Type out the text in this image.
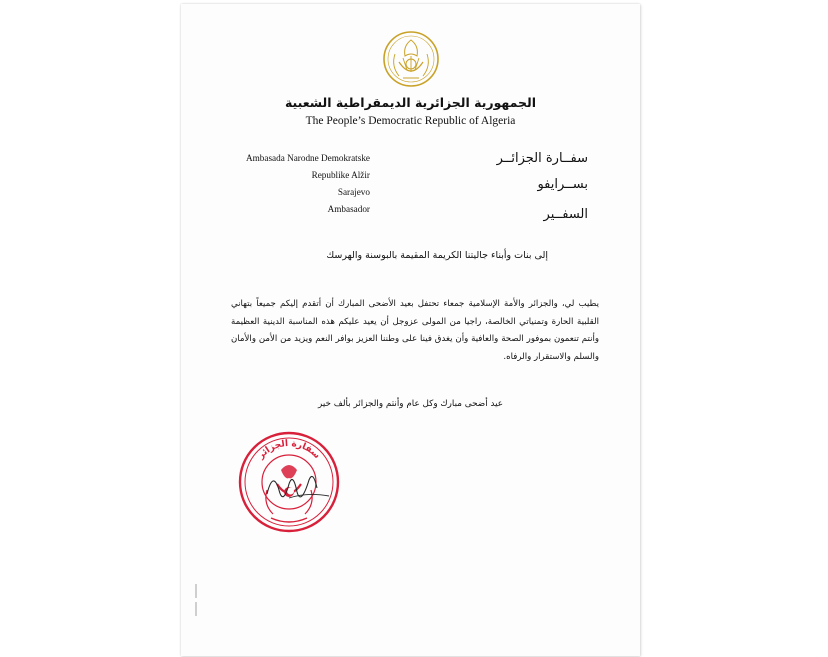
الجمهورية الجزائرية الديمقراطية الشعبية
The People’s Democratic Republic of Algeria
Ambasada Narodne Demokratske
Republike Alžir
Sarajevo
Ambasador
سفــارة الجزائــر
بســرايفو
السفــير
إلى بنات وأبناء جاليتنا الكريمة المقيمة بالبوسنة والهرسك
يطيب لي، والجزائر والأمة الإسلامية جمعاء تحتفل بعيد الأضحى المبارك أن أتقدم إليكم جميعاً بتهاني القلبية الحارة وتمنياتي الخالصة، راجيا من المولى عزوجل أن يعيد عليكم هذه المناسبة الدينية العظيمة وأنتم تنعمون بموفور الصحة والعافية وأن يغدق فينا على وطننا العزيز بوافر النعم ويزيد من الأمن والأمان والسلم والاستقرار والرفاه.
عيد أضحى مبارك وكل عام وأنتم والجزائر بألف خير
سفارة الجزائر
